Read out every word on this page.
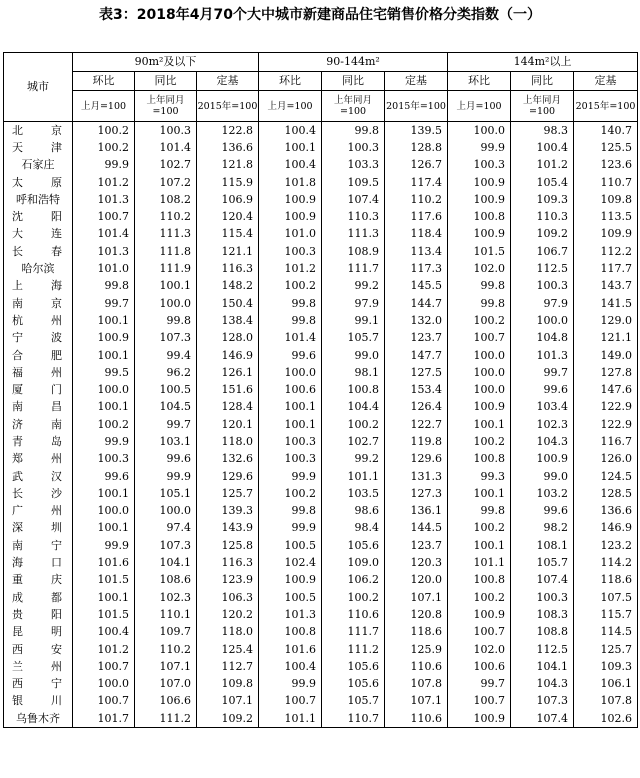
表3：2018年4月70个大中城市新建商品住宅销售价格分类指数（一）
城市	90m²及以下			90-144m²			144m²以上		
	环比	同比	定基	环比	同比	定基	环比	同比	定基
	上月=100	上年同月=100	2015年=100	上月=100	上年同月=100	2015年=100	上月=100	上年同月=100	2015年=100

北 京	100.2	100.3	122.8	100.4	99.8	139.5	100.0	98.3	140.7

天 津	100.2	101.4	136.6	100.1	100.3	128.8	99.9	100.4	125.5
石家庄	99.9	102.7	121.8	100.4	103.3	126.7	100.3	101.2	123.6

太 原	101.2	107.2	115.9	101.8	109.5	117.4	100.9	105.4	110.7
呼和浩特	101.3	108.2	106.9	100.9	107.4	110.2	100.9	109.3	109.8

沈 阳	100.7	110.2	120.4	100.9	110.3	117.6	100.8	110.3	113.5

大 连	101.4	111.3	115.4	101.0	111.3	118.4	100.9	109.2	109.9

长 春	101.3	111.8	121.1	100.3	108.9	113.4	101.5	106.7	112.2
哈尔滨	101.0	111.9	116.3	101.2	111.7	117.3	102.0	112.5	117.7

上 海	99.8	100.1	148.2	100.2	99.2	145.5	99.8	100.3	143.7

南 京	99.7	100.0	150.4	99.8	97.9	144.7	99.8	97.9	141.5

杭 州	100.1	99.8	138.4	99.8	99.1	132.0	100.2	100.0	129.0

宁 波	100.9	107.3	128.0	101.4	105.7	123.7	100.7	104.8	121.1

合 肥	100.1	99.4	146.9	99.6	99.0	147.7	100.0	101.3	149.0

福 州	99.5	96.2	126.1	100.0	98.1	127.5	100.0	99.7	127.8

厦 门	100.0	100.5	151.6	100.6	100.8	153.4	100.0	99.6	147.6

南 昌	100.1	104.5	128.4	100.1	104.4	126.4	100.9	103.4	122.9

济 南	100.2	99.7	120.1	100.1	100.2	122.7	100.1	102.3	122.9

青 岛	99.9	103.1	118.0	100.3	102.7	119.8	100.2	104.3	116.7

郑 州	100.3	99.6	132.6	100.3	99.2	129.6	100.8	100.9	126.0

武 汉	99.6	99.9	129.6	99.9	101.1	131.3	99.3	99.0	124.5

长 沙	100.1	105.1	125.7	100.2	103.5	127.3	100.1	103.2	128.5

广 州	100.0	100.0	139.3	99.8	98.6	136.1	99.8	99.6	136.6

深 圳	100.1	97.4	143.9	99.9	98.4	144.5	100.2	98.2	146.9

南 宁	99.9	107.3	125.8	100.5	105.6	123.7	100.1	108.1	123.2

海 口	101.6	104.1	116.3	102.4	109.0	120.3	101.1	105.7	114.2

重 庆	101.5	108.6	123.9	100.9	106.2	120.0	100.8	107.4	118.6

成 都	100.1	102.3	106.3	100.5	100.2	107.1	100.2	100.3	107.5

贵 阳	101.5	110.1	120.2	101.3	110.6	120.8	100.9	108.3	115.7

昆 明	100.4	109.7	118.0	100.8	111.7	118.6	100.7	108.8	114.5

西 安	101.2	110.2	125.4	101.6	111.2	125.9	102.0	112.5	125.7

兰 州	100.7	107.1	112.7	100.4	105.6	110.6	100.6	104.1	109.3

西 宁	100.0	107.0	109.8	99.9	105.6	107.8	99.7	104.3	106.1

银 川	100.7	106.6	107.1	100.7	105.7	107.1	100.7	107.3	107.8
乌鲁木齐	101.7	111.2	109.2	101.1	110.7	110.6	100.9	107.4	102.6
